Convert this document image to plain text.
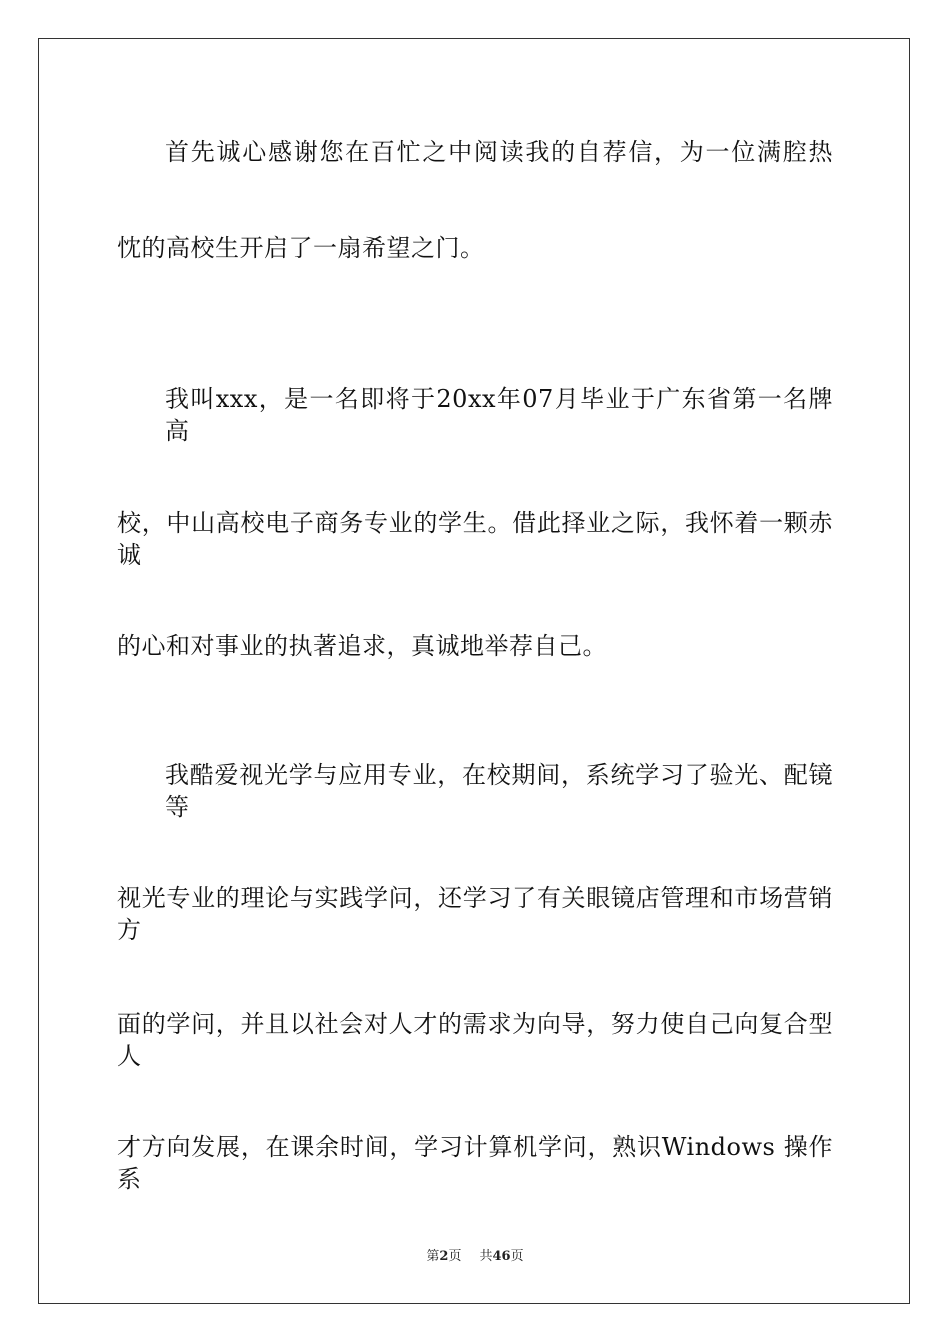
首先诚心感谢您在百忙之中阅读我的自荐信，为一位满腔热
忱的高校生开启了一扇希望之门。
我叫xxx，是一名即将于20xx年07月毕业于广东省第一名牌高
校，中山高校电子商务专业的学生。借此择业之际，我怀着一颗赤诚
的心和对事业的执著追求，真诚地举荐自己。
我酷爱视光学与应用专业，在校期间，系统学习了验光、配镜等
视光专业的理论与实践学问，还学习了有关眼镜店管理和市场营销方
面的学问，并且以社会对人才的需求为向导，努力使自己向复合型人
才方向发展，在课余时间，学习计算机学问，熟识Windows 操作系
第2页 共46页
